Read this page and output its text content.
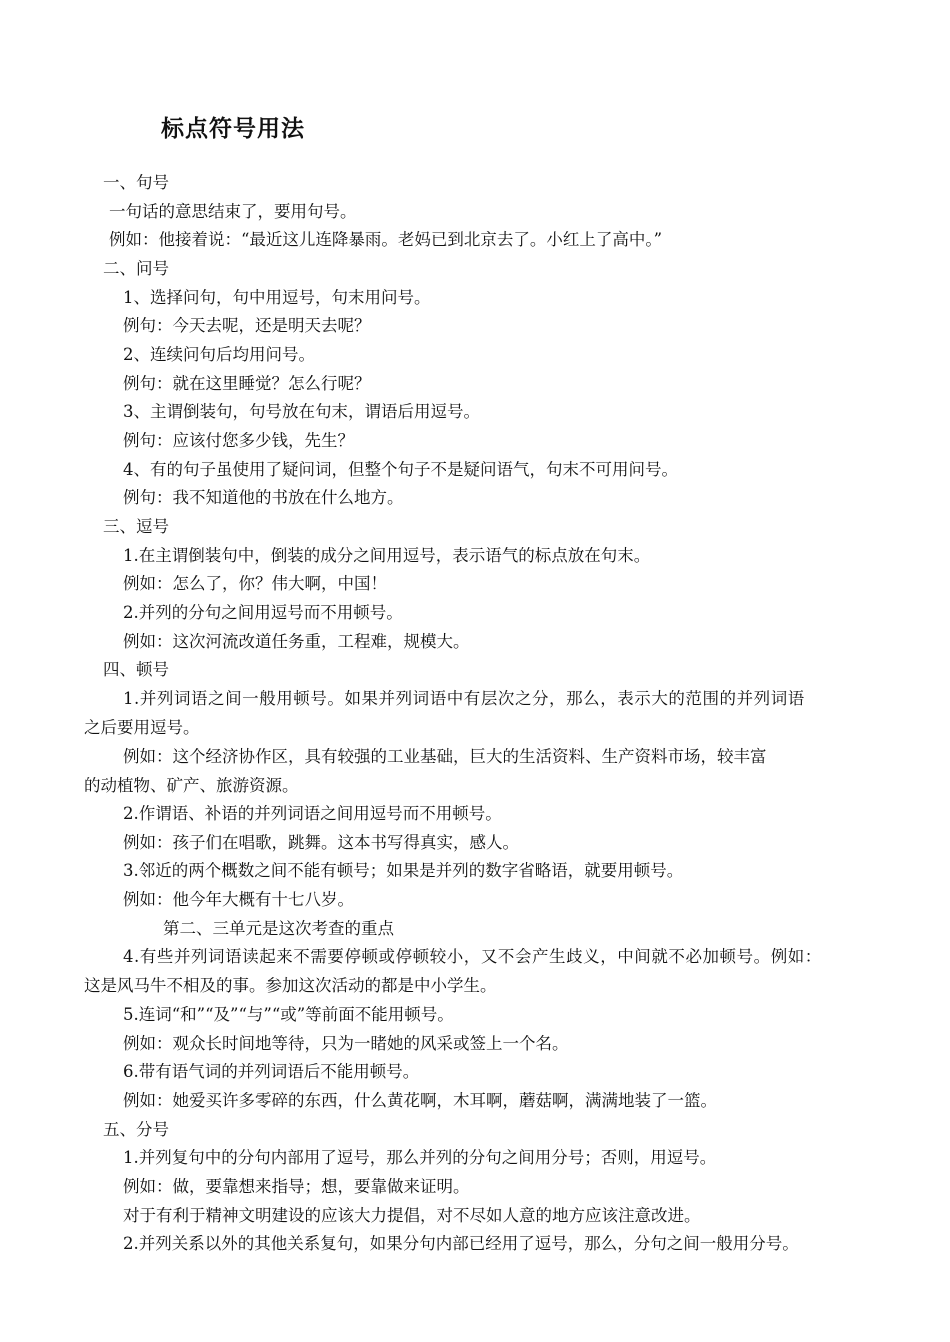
标点符号用法
一、句号
一句话的意思结束了，要用句号。
例如：他接着说：“最近这儿连降暴雨。老妈已到北京去了。小红上了高中。”
二、问号
1、选择问句，句中用逗号，句末用问号。
例句：今天去呢，还是明天去呢？
2、连续问句后均用问号。
例句：就在这里睡觉？怎么行呢？
3、主谓倒装句，句号放在句末，谓语后用逗号。
例句：应该付您多少钱，先生？
4、有的句子虽使用了疑问词，但整个句子不是疑问语气，句末不可用问号。
例句：我不知道他的书放在什么地方。
三、逗号
1.在主谓倒装句中，倒装的成分之间用逗号，表示语气的标点放在句末。
例如：怎么了，你？伟大啊，中国！
2.并列的分句之间用逗号而不用顿号。
例如：这次河流改道任务重，工程难，规模大。
四、顿号
1.并列词语之间一般用顿号。如果并列词语中有层次之分，那么，表示大的范围的并列词语
之后要用逗号。
例如：这个经济协作区，具有较强的工业基础，巨大的生活资料、生产资料市场，较丰富
的动植物、矿产、旅游资源。
2.作谓语、补语的并列词语之间用逗号而不用顿号。
例如：孩子们在唱歌，跳舞。这本书写得真实，感人。
3.邻近的两个概数之间不能有顿号；如果是并列的数字省略语，就要用顿号。
例如：他今年大概有十七八岁。
第二、三单元是这次考查的重点
4.有些并列词语读起来不需要停顿或停顿较小，又不会产生歧义，中间就不必加顿号。例如：
这是风马牛不相及的事。参加这次活动的都是中小学生。
5.连词“和”“及”“与”“或”等前面不能用顿号。
例如：观众长时间地等待，只为一睹她的风采或签上一个名。
6.带有语气词的并列词语后不能用顿号。
例如：她爱买许多零碎的东西，什么黄花啊，木耳啊，蘑菇啊，满满地装了一篮。
五、分号
1.并列复句中的分句内部用了逗号，那么并列的分句之间用分号；否则，用逗号。
例如：做，要靠想来指导；想，要靠做来证明。
对于有利于精神文明建设的应该大力提倡，对不尽如人意的地方应该注意改进。
2.并列关系以外的其他关系复句，如果分句内部已经用了逗号，那么，分句之间一般用分号。
